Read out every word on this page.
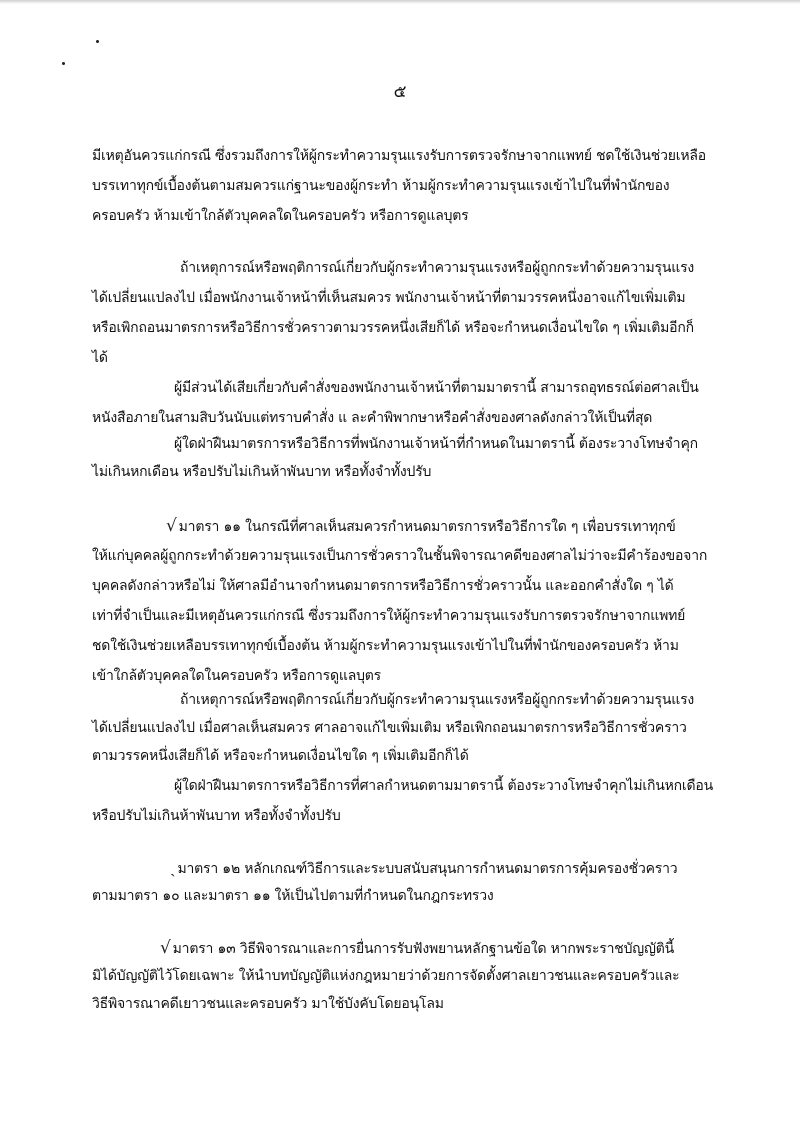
๕
มีเหตุอันควรแก่กรณี ซึ่งรวมถึงการให้ผู้กระทำความรุนแรงรับการตรวจรักษาจากแพทย์ ชดใช้เงินช่วยเหลือ
บรรเทาทุกข์เบื้องต้นตามสมควรแก่ฐานะของผู้กระทำ ห้ามผู้กระทำความรุนแรงเข้าไปในที่พำนักของ
ครอบครัว ห้ามเข้าใกล้ตัวบุคคลใดในครอบครัว หรือการดูแลบุตร
ถ้าเหตุการณ์หรือพฤติการณ์เกี่ยวกับผู้กระทำความรุนแรงหรือผู้ถูกกระทำด้วยความรุนแรง
ได้เปลี่ยนแปลงไป เมื่อพนักงานเจ้าหน้าที่เห็นสมควร พนักงานเจ้าหน้าที่ตามวรรคหนึ่งอาจแก้ไขเพิ่มเติม
หรือเพิกถอนมาตรการหรือวิธีการชั่วคราวตามวรรคหนึ่งเสียก็ได้ หรือจะกำหนดเงื่อนไขใด ๆ เพิ่มเติมอีกก็
ได้
ผู้มีส่วนได้เสียเกี่ยวกับคำสั่งของพนักงานเจ้าหน้าที่ตามมาตรานี้ สามารถอุทธรณ์ต่อศาลเป็น
หนังสือภายในสามสิบวันนับแต่ทราบคำสั่ง แ ละคำพิพากษาหรือคำสั่งของศาลดังกล่าวให้เป็นที่สุด
ผู้ใดฝ่าฝืนมาตรการหรือวิธีการที่พนักงานเจ้าหน้าที่กำหนดในมาตรานี้ ต้องระวางโทษจำคุก
ไม่เกินหกเดือน หรือปรับไม่เกินห้าพันบาท หรือทั้งจำทั้งปรับ
√ มาตรา ๑๑ ในกรณีที่ศาลเห็นสมควรกำหนดมาตรการหรือวิธีการใด ๆ เพื่อบรรเทาทุกข์
ให้แก่บุคคลผู้ถูกกระทำด้วยความรุนแรงเป็นการชั่วคราวในชั้นพิจารณาคดีของศาลไม่ว่าจะมีคำร้องขอจาก
บุคคลดังกล่าวหรือไม่ ให้ศาลมีอำนาจกำหนดมาตรการหรือวิธีการชั่วคราวนั้น และออกคำสั่งใด ๆ ได้
เท่าที่จำเป็นและมีเหตุอันควรแก่กรณี ซึ่งรวมถึงการให้ผู้กระทำความรุนแรงรับการตรวจรักษาจากแพทย์
ชดใช้เงินช่วยเหลือบรรเทาทุกข์เบื้องต้น ห้ามผู้กระทำความรุนแรงเข้าไปในที่พำนักของครอบครัว ห้าม
เข้าใกล้ตัวบุคคลใดในครอบครัว หรือการดูแลบุตร
ถ้าเหตุการณ์หรือพฤติการณ์เกี่ยวกับผู้กระทำความรุนแรงหรือผู้ถูกกระทำด้วยความรุนแรง
ได้เปลี่ยนแปลงไป เมื่อศาลเห็นสมควร ศาลอาจแก้ไขเพิ่มเติม หรือเพิกถอนมาตรการหรือวิธีการชั่วคราว
ตามวรรคหนึ่งเสียก็ได้ หรือจะกำหนดเงื่อนไขใด ๆ เพิ่มเติมอีกก็ได้
ผู้ใดฝ่าฝืนมาตรการหรือวิธีการที่ศาลกำหนดตามมาตรานี้ ต้องระวางโทษจำคุกไม่เกินหกเดือน
หรือปรับไม่เกินห้าพันบาท หรือทั้งจำทั้งปรับ
ˎ มาตรา ๑๒ หลักเกณฑ์วิธีการและระบบสนับสนุนการกำหนดมาตรการคุ้มครองชั่วคราว
ตามมาตรา ๑๐ และมาตรา ๑๑ ให้เป็นไปตามที่กำหนดในกฎกระทรวง
√ มาตรา ๑๓ วิธีพิจารณาและการยื่นการรับฟังพยานหลักฐานข้อใด หากพระราชบัญญัตินี้
มิได้บัญญัติไว้โดยเฉพาะ ให้นำบทบัญญัติแห่งกฎหมายว่าด้วยการจัดตั้งศาลเยาวชนและครอบครัวและ
วิธีพิจารณาคดีเยาวชนและครอบครัว มาใช้บังคับโดยอนุโลม
